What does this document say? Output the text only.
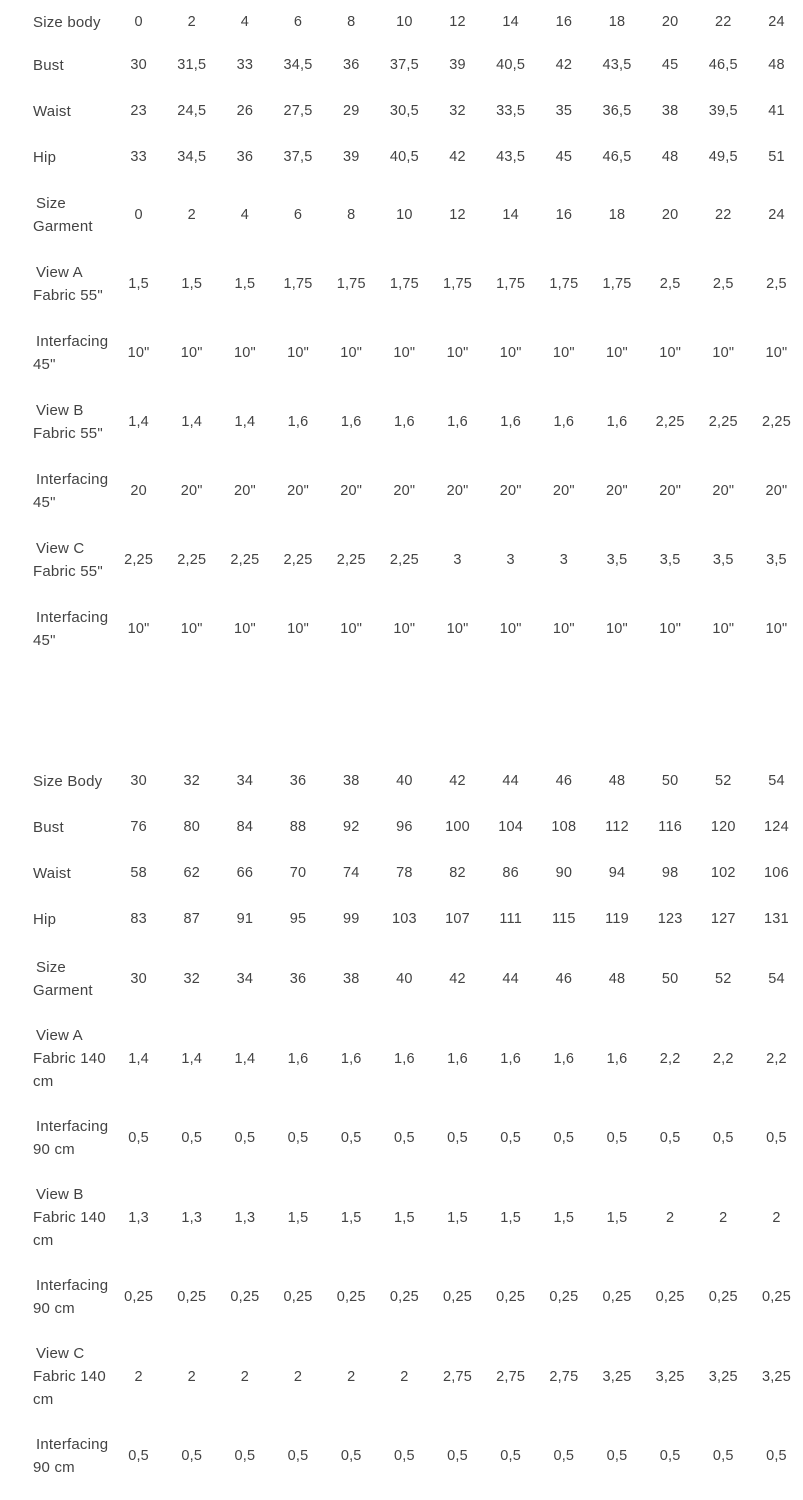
Size body	0	2	4	6	8	10	12	14	16	18	20	22	24
Bust	30	31,5	33	34,5	36	37,5	39	40,5	42	43,5	45	46,5	48
Waist	23	24,5	26	27,5	29	30,5	32	33,5	35	36,5	38	39,5	41
Hip	33	34,5	36	37,5	39	40,5	42	43,5	45	46,5	48	49,5	51
Size
Garment
0	2	4	6	8	10	12	14	16	18	20	22	24
View A
Fabric 55"
1,5	1,5	1,5	1,75	1,75	1,75	1,75	1,75	1,75	1,75	2,5	2,5	2,5
Interfacing
45"
10"	10"	10"	10"	10"	10"	10"	10"	10"	10"	10"	10"	10"
View B
Fabric 55"
1,4	1,4	1,4	1,6	1,6	1,6	1,6	1,6	1,6	1,6	2,25	2,25	2,25
Interfacing
45"
20	20"	20"	20"	20"	20"	20"	20"	20"	20"	20"	20"	20"
View C
Fabric 55"
2,25	2,25	2,25	2,25	2,25	2,25	3	3	3	3,5	3,5	3,5	3,5
Interfacing
45"
10"	10"	10"	10"	10"	10"	10"	10"	10"	10"	10"	10"	10"
Size Body	30	32	34	36	38	40	42	44	46	48	50	52	54
Bust	76	80	84	88	92	96	100	104	108	112	116	120	124
Waist	58	62	66	70	74	78	82	86	90	94	98	102	106
Hip	83	87	91	95	99	103	107	111	115	119	123	127	131
Size
Garment
30	32	34	36	38	40	42	44	46	48	50	52	54
View A
Fabric 140
cm
1,4	1,4	1,4	1,6	1,6	1,6	1,6	1,6	1,6	1,6	2,2	2,2	2,2
Interfacing
90 cm
0,5	0,5	0,5	0,5	0,5	0,5	0,5	0,5	0,5	0,5	0,5	0,5	0,5
View B
Fabric 140
cm
1,3	1,3	1,3	1,5	1,5	1,5	1,5	1,5	1,5	1,5	2	2	2
Interfacing
90 cm
0,25	0,25	0,25	0,25	0,25	0,25	0,25	0,25	0,25	0,25	0,25	0,25	0,25
View C
Fabric 140
cm
2	2	2	2	2	2	2,75	2,75	2,75	3,25	3,25	3,25	3,25
Interfacing
90 cm
0,5	0,5	0,5	0,5	0,5	0,5	0,5	0,5	0,5	0,5	0,5	0,5	0,5
